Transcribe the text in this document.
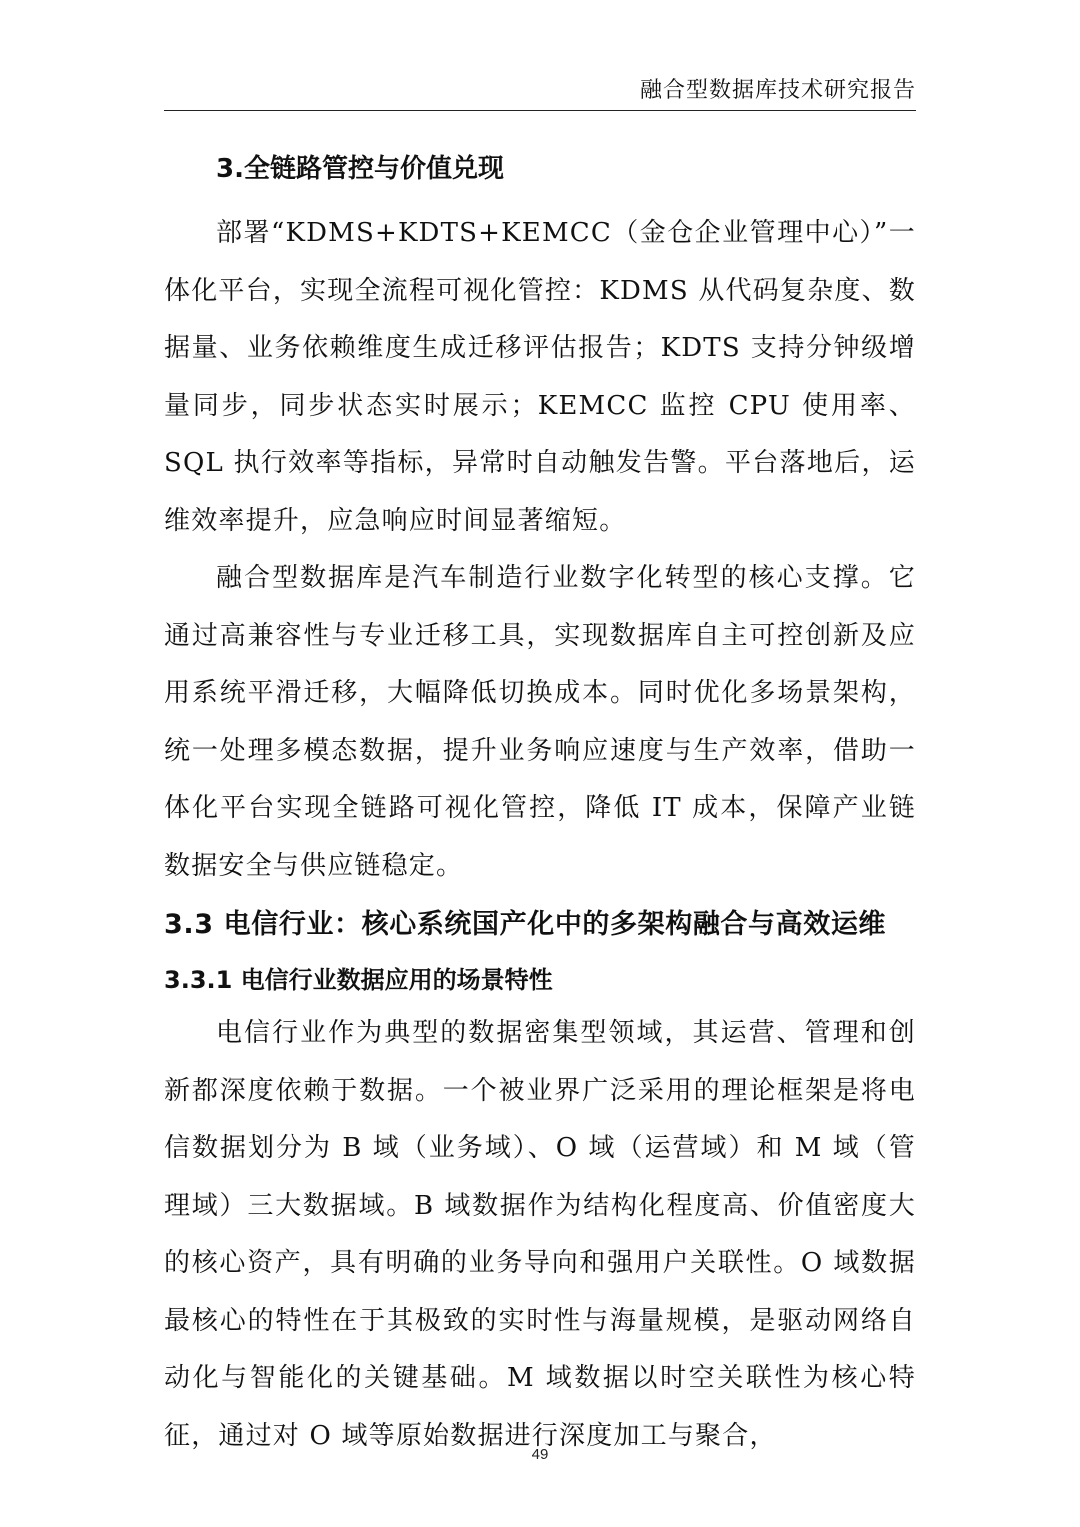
融合型数据库技术研究报告
3.全链路管控与价值兑现

部署“KDMS+KDTS+KEMCC（金仓企业管理中心）”一体化平台，实现全流程可视化管控：KDMS 从代码复杂度、数据量、业务依赖维度生成迁移评估报告；KDTS 支持分钟级增量同步，同步状态实时展示；KEMCC 监控 CPU 使用率、SQL 执行效率等指标，异常时自动触发告警。平台落地后，运维效率提升，应急响应时间显著缩短。

融合型数据库是汽车制造行业数字化转型的核心支撑。它通过高兼容性与专业迁移工具，实现数据库自主可控创新及应用系统平滑迁移，大幅降低切换成本。同时优化多场景架构，统一处理多模态数据，提升业务响应速度与生产效率，借助一体化平台实现全链路可视化管控，降低 IT 成本，保障产业链数据安全与供应链稳定。

3.3 电信行业：核心系统国产化中的多架构融合与高效运维
3.3.1 电信行业数据应用的场景特性

电信行业作为典型的数据密集型领域，其运营、管理和创新都深度依赖于数据。一个被业界广泛采用的理论框架是将电信数据划分为 B 域（业务域）、O 域（运营域）和 M 域（管理域）三大数据域。B 域数据作为结构化程度高、价值密度大的核心资产，具有明确的业务导向和强用户关联性。O 域数据最核心的特性在于其极致的实时性与海量规模，是驱动网络自动化与智能化的关键基础。M 域数据以时空关联性为核心特征，通过对 O 域等原始数据进行深度加工与聚合，

49
